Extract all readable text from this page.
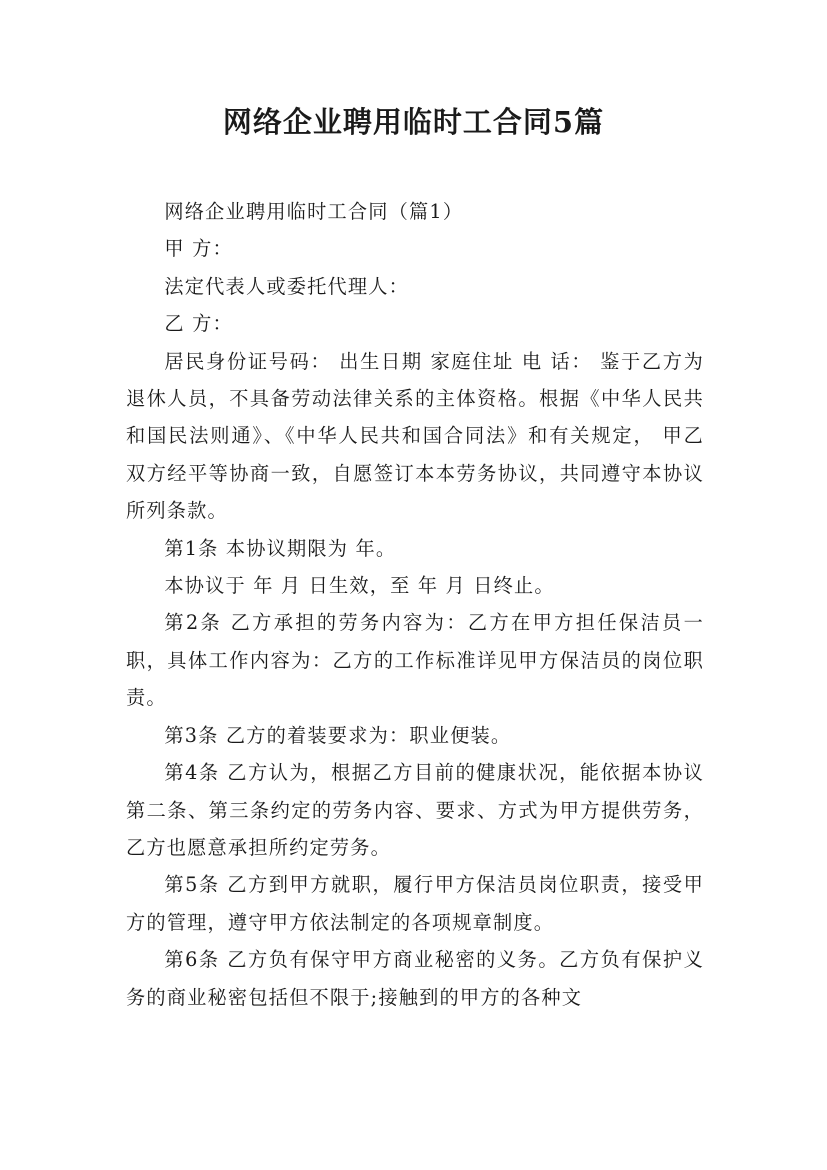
网络企业聘用临时工合同5篇

网络企业聘用临时工合同（篇1）

甲 方：

法定代表人或委托代理人：

乙 方：

居民身份证号码： 出生日期 家庭住址 电 话： 鉴于乙方为退休人员，不具备劳动法律关系的主体资格。根据《中华人民共和国民法则通》、《中华人民共和国合同法》和有关规定， 甲乙双方经平等协商一致，自愿签订本本劳务协议，共同遵守本协议所列条款。

第1条 本协议期限为 年。

本协议于 年 月 日生效，至 年 月 日终止。

第2条 乙方承担的劳务内容为：乙方在甲方担任保洁员一职，具体工作内容为：乙方的工作标准详见甲方保洁员的岗位职责。

第3条 乙方的着装要求为：职业便装。

第4条 乙方认为，根据乙方目前的健康状况，能依据本协议第二条、第三条约定的劳务内容、要求、方式为甲方提供劳务，乙方也愿意承担所约定劳务。

第5条 乙方到甲方就职，履行甲方保洁员岗位职责，接受甲方的管理，遵守甲方依法制定的各项规章制度。

第6条 乙方负有保守甲方商业秘密的义务。乙方负有保护义务的商业秘密包括但不限于;接触到的甲方的各种文
